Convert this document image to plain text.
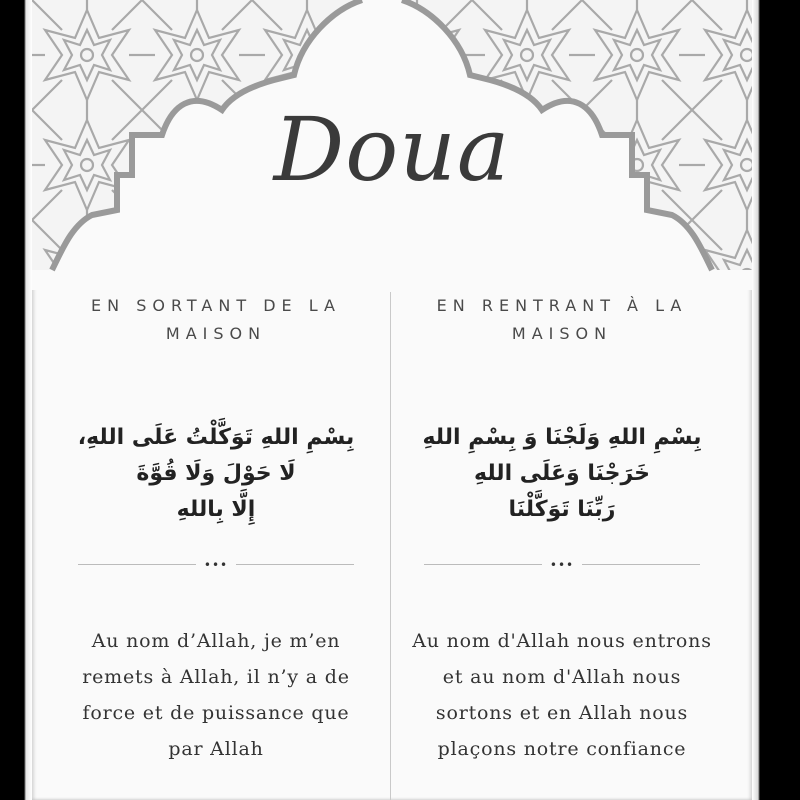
Doua
EN SORTANT DE LA MAISON
بِسْمِ اللهِ تَوَكَّلْتُ عَلَى اللهِ،
لَا حَوْلَ وَلَا قُوَّةَ
إِلَّا بِاللهِ
•••
Au nom d’Allah, je m’en remets à Allah, il n’y a de force et de puissance que par Allah
EN RENTRANT À LA MAISON
بِسْمِ اللهِ وَلَجْنَا وَ بِسْمِ اللهِ
خَرَجْنَا وَعَلَى اللهِ
رَبِّنَا تَوَكَّلْنَا
•••
Au nom d'Allah nous entrons et au nom d'Allah nous sortons et en Allah nous plaçons notre confiance
